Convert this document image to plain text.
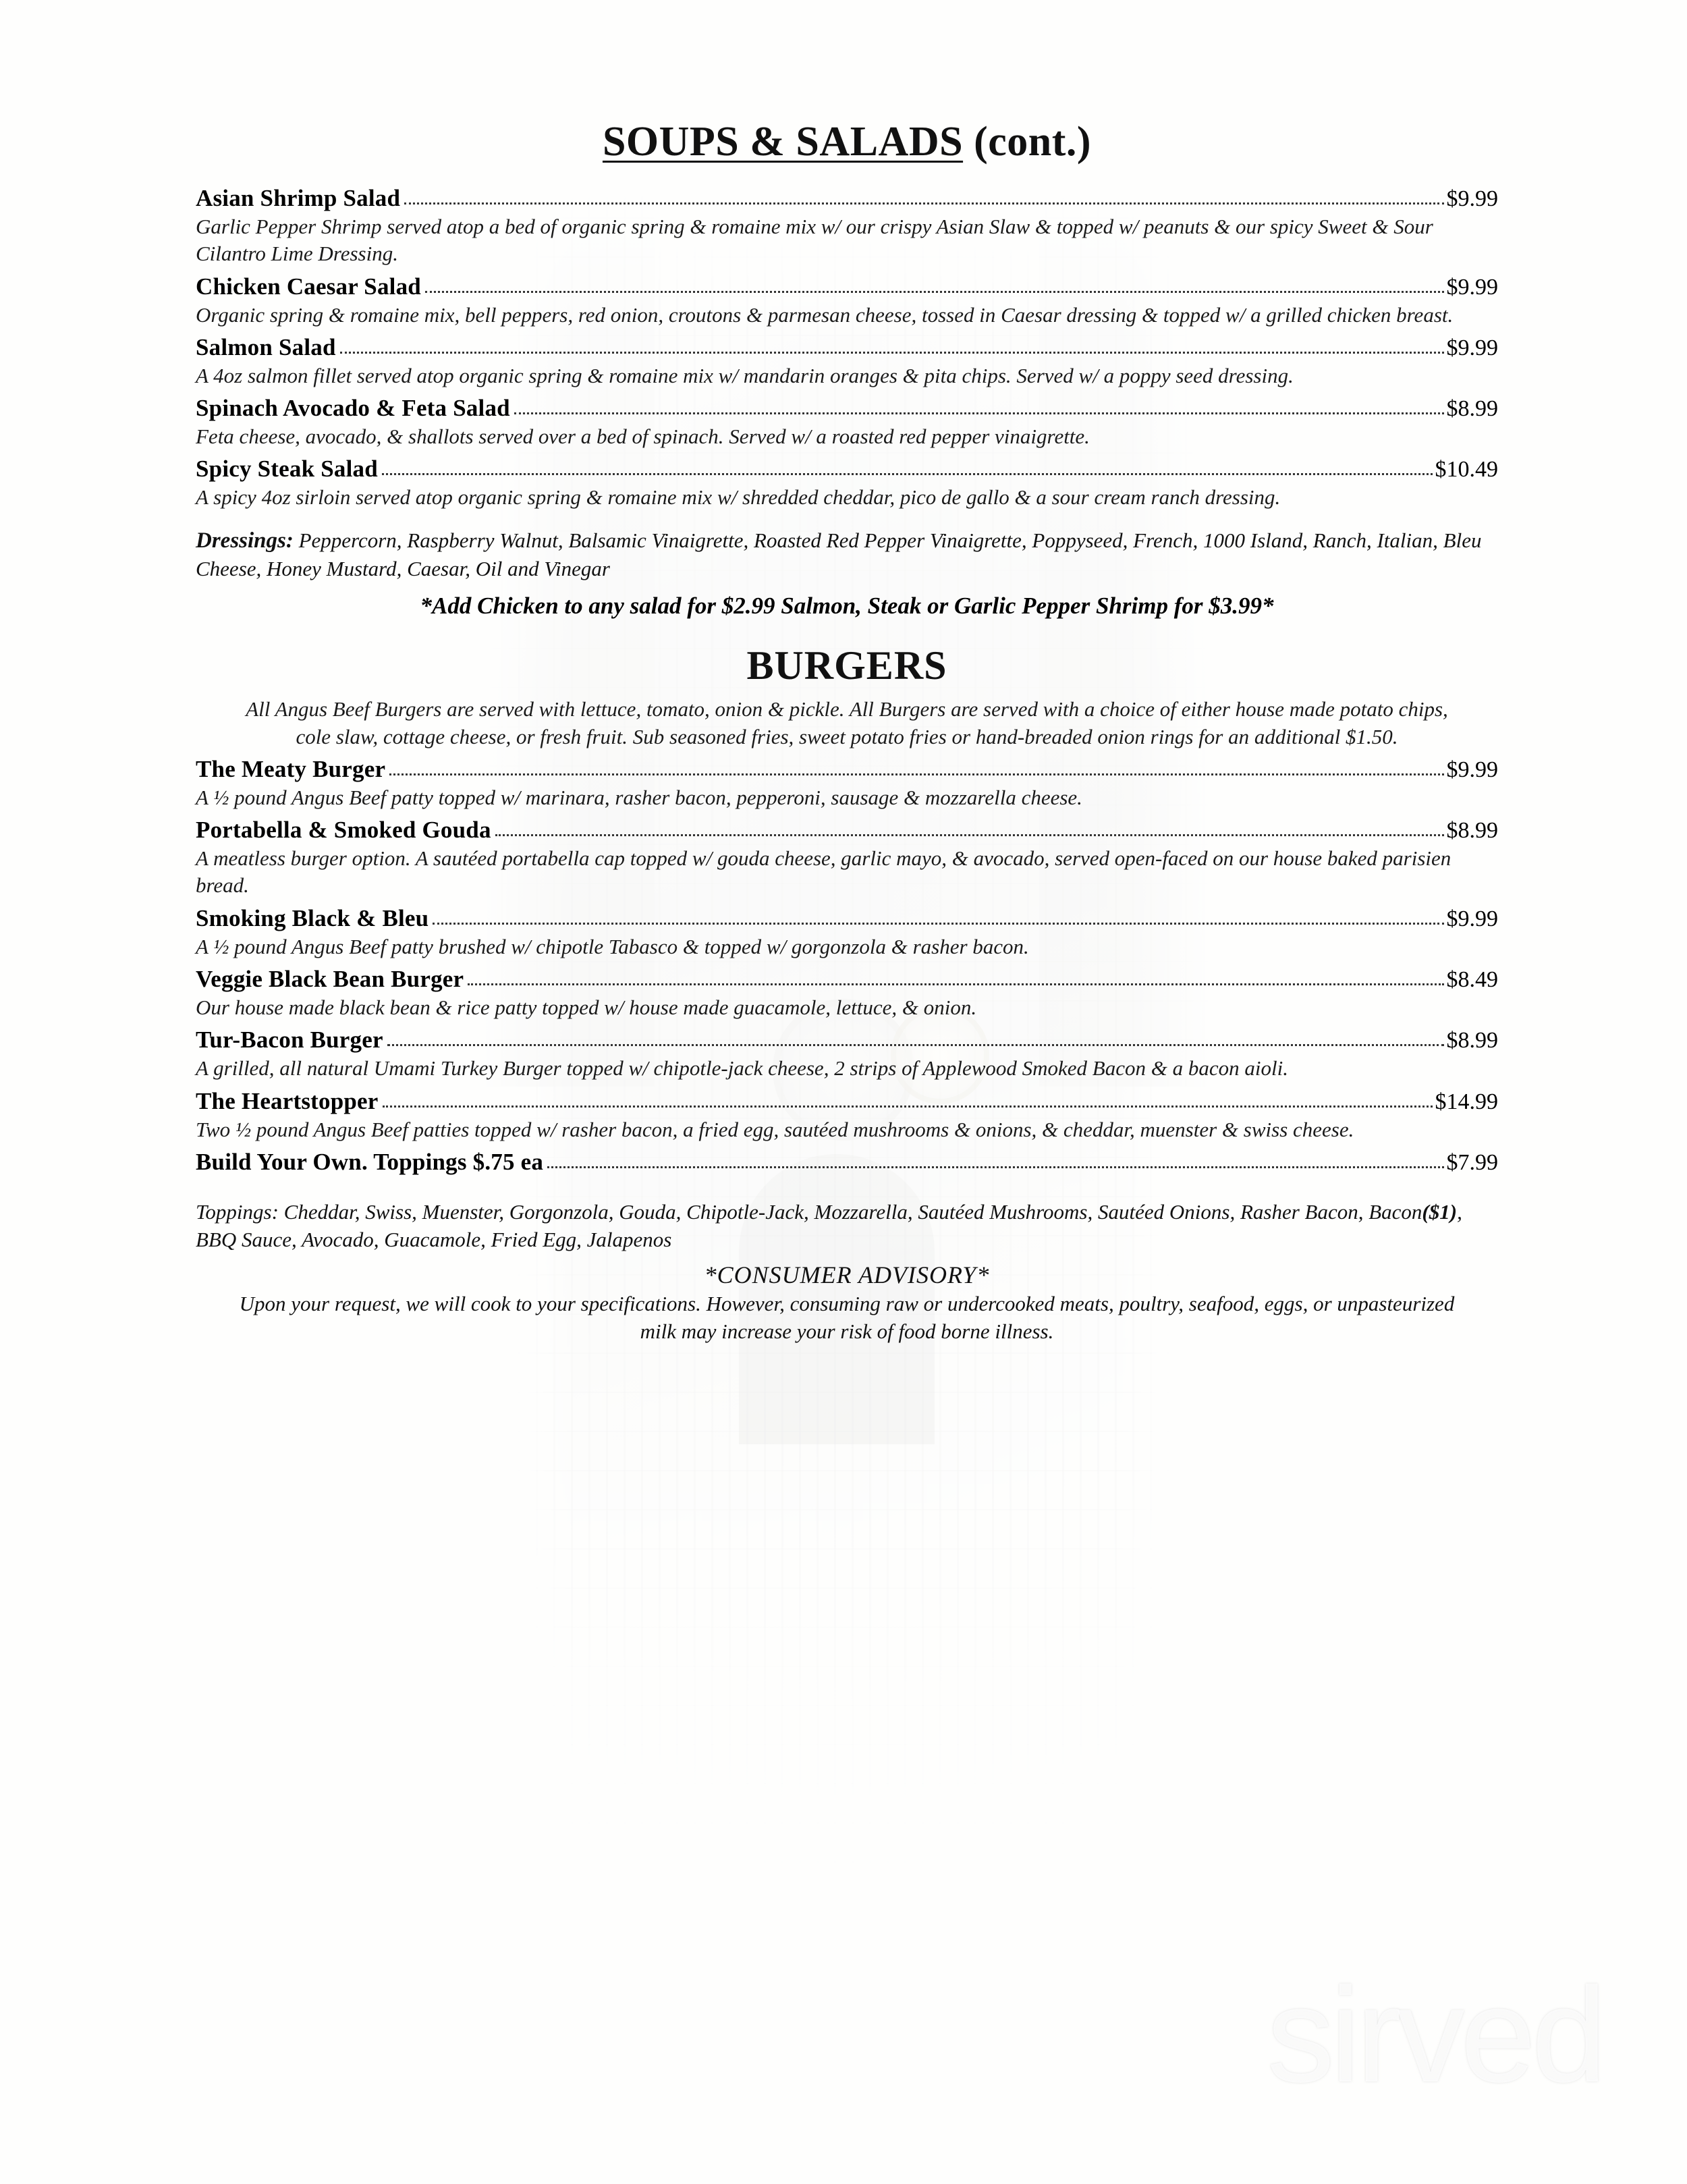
SOUPS & SALADS (cont.)
Asian Shrimp Salad	$9.99

Garlic Pepper Shrimp served atop a bed of organic spring & romaine mix w/ our crispy Asian Slaw & topped w/ peanuts & our spicy Sweet & Sour Cilantro Lime Dressing.

Chicken Caesar Salad	$9.99

Organic spring & romaine mix, bell peppers, red onion, croutons & parmesan cheese, tossed in Caesar dressing & topped w/ a grilled chicken breast.

Salmon Salad	$9.99

A 4oz salmon fillet served atop organic spring & romaine mix w/ mandarin oranges & pita chips. Served w/ a poppy seed dressing.

Spinach Avocado & Feta Salad	$8.99

Feta cheese, avocado, & shallots served over a bed of spinach. Served w/ a roasted red pepper vinaigrette.

Spicy Steak Salad	$10.49

A spicy 4oz sirloin served atop organic spring & romaine mix w/ shredded cheddar, pico de gallo & a sour cream ranch dressing.

Dressings: Peppercorn, Raspberry Walnut, Balsamic Vinaigrette, Roasted Red Pepper Vinaigrette, Poppyseed, French, 1000 Island, Ranch, Italian, Bleu Cheese, Honey Mustard, Caesar, Oil and Vinegar

*Add Chicken to any salad for $2.99 Salmon, Steak or Garlic Pepper Shrimp for $3.99*

BURGERS

All Angus Beef Burgers are served with lettuce, tomato, onion & pickle. All Burgers are served with a choice of either house made potato chips, cole slaw, cottage cheese, or fresh fruit. Sub seasoned fries, sweet potato fries or hand-breaded onion rings for an additional $1.50.

The Meaty Burger	$9.99

A ½ pound Angus Beef patty topped w/ marinara, rasher bacon, pepperoni, sausage & mozzarella cheese.

Portabella & Smoked Gouda	$8.99

A meatless burger option. A sautéed portabella cap topped w/ gouda cheese, garlic mayo, & avocado, served open-faced on our house baked parisien bread.

Smoking Black & Bleu	$9.99

A ½ pound Angus Beef patty brushed w/ chipotle Tabasco & topped w/ gorgonzola & rasher bacon.

Veggie Black Bean Burger	$8.49

Our house made black bean & rice patty topped w/ house made guacamole, lettuce, & onion.

Tur-Bacon Burger	$8.99

A grilled, all natural Umami Turkey Burger topped w/ chipotle-jack cheese, 2 strips of Applewood Smoked Bacon & a bacon aioli.

The Heartstopper	$14.99

Two ½ pound Angus Beef patties topped w/ rasher bacon, a fried egg, sautéed mushrooms & onions, & cheddar, muenster & swiss cheese.

Build Your Own. Toppings $.75 ea	$7.99

Toppings: Cheddar, Swiss, Muenster, Gorgonzola, Gouda, Chipotle-Jack, Mozzarella, Sautéed Mushrooms, Sautéed Onions, Rasher Bacon, Bacon($1), BBQ Sauce, Avocado, Guacamole, Fried Egg, Jalapenos

*CONSUMER ADVISORY*

Upon your request, we will cook to your specifications. However, consuming raw or undercooked meats, poultry, seafood, eggs, or unpasteurized milk may increase your risk of food borne illness.

sirved
